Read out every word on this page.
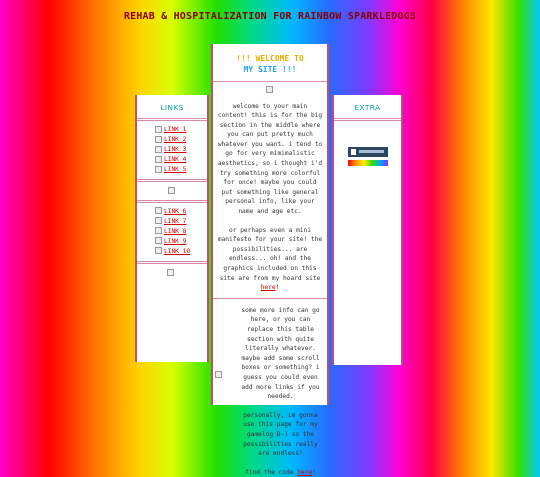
REHAB & HOSPITALIZATION FOR RAINBOW SPARKLEDOGS
LINKS
LINK 1
LINK 2
LINK 3
LINK 4
LINK 5
LINK 6
LINK 7
LINK 8
LINK 9
LINK 10
!!! WELCOME TO
MY SITE !!!
welcome to your main content! this is for the big section in the middle where you can put pretty much whatever you want. i tend to go for very mimimalistic aesthetics, so i thought i'd try something more colorful for once! maybe you could put something like general personal info, like your name and age etc.
or perhaps even a mini manifesto for your site! the possibilities... are endless... oh! and the graphics included on this site are from my hoard site here!
some more info can go here, or you can replace this table section with quite literally whatever. maybe add some scroll boxes or something? i guess you could even add more links if you needed.
personally, im gonna use this page for my gamelog B-) so the possibilities really are endless!
find the code here!
EXTRA
